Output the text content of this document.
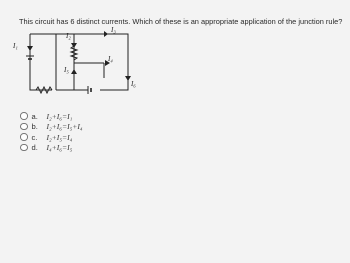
This circuit has 6 distinct currents. Which of these is an appropriate application of the junction rule?
I₁
I₂
I₃
I₄
I₅
I₆
a.	I₂+I₆=I₁
b.	I₂+I₆=I₅+I₄
c.	I₂+I₅=I₄
d.	I₄+I₆=I₅
